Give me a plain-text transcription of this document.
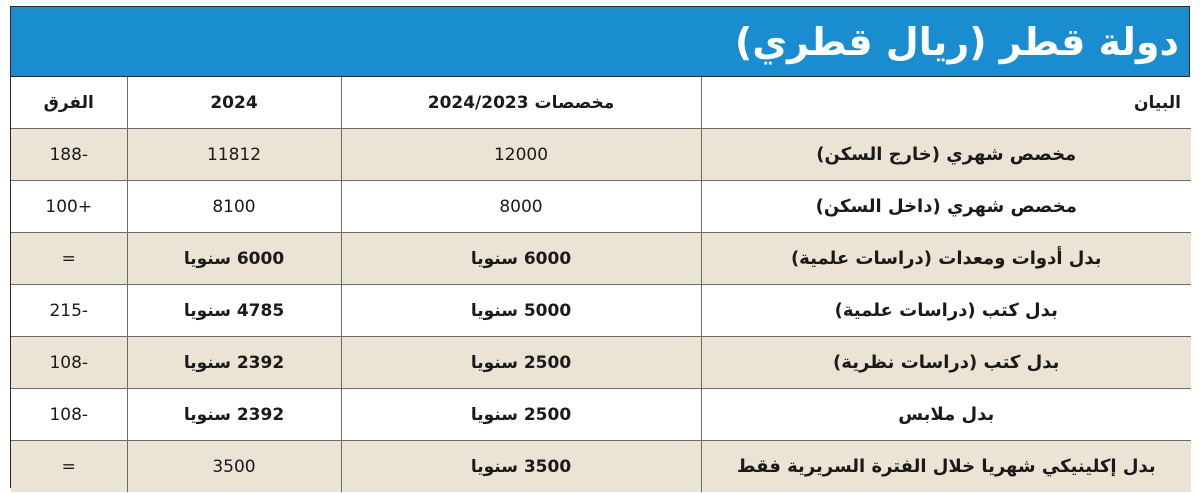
دولة قطر (ريال قطري)
البيان	مخصصات 2024/2023	2024	الفرق
مخصص شهري (خارج السكن)	12000	11812	188-
مخصص شهري (داخل السكن)	8000	8100	100+
بدل أدوات ومعدات (دراسات علمية)	6000 سنويا	6000 سنويا	=
بدل كتب (دراسات علمية)	5000 سنويا	4785 سنويا	215-
بدل كتب (دراسات نظرية)	2500 سنويا	2392 سنويا	108-
بدل ملابس	2500 سنويا	2392 سنويا	108-
بدل إكلينيكي شهريا خلال الفترة السريرية فقط	3500 سنويا	3500	=
